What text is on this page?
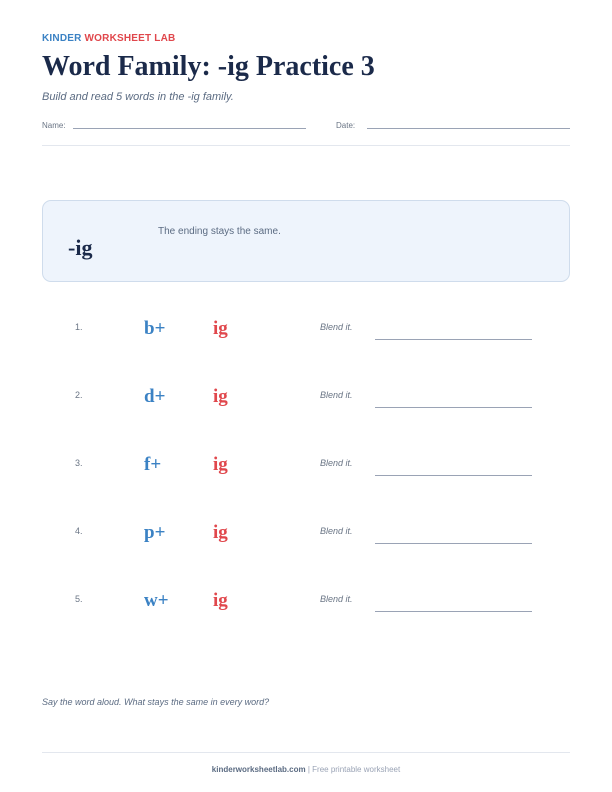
KINDER WORKSHEET LAB
Word Family: -ig Practice 3
Build and read 5 words in the -ig family.
Name:	Date:
-ig
The ending stays the same.
1.	b+	ig	Blend it.
2.	d+	ig	Blend it.
3.	f+	ig	Blend it.
4.	p+	ig	Blend it.
5.	w+ ig	Blend it.
Say the word aloud. What stays the same in every word?
kinderworksheetlab.com | Free printable worksheet
